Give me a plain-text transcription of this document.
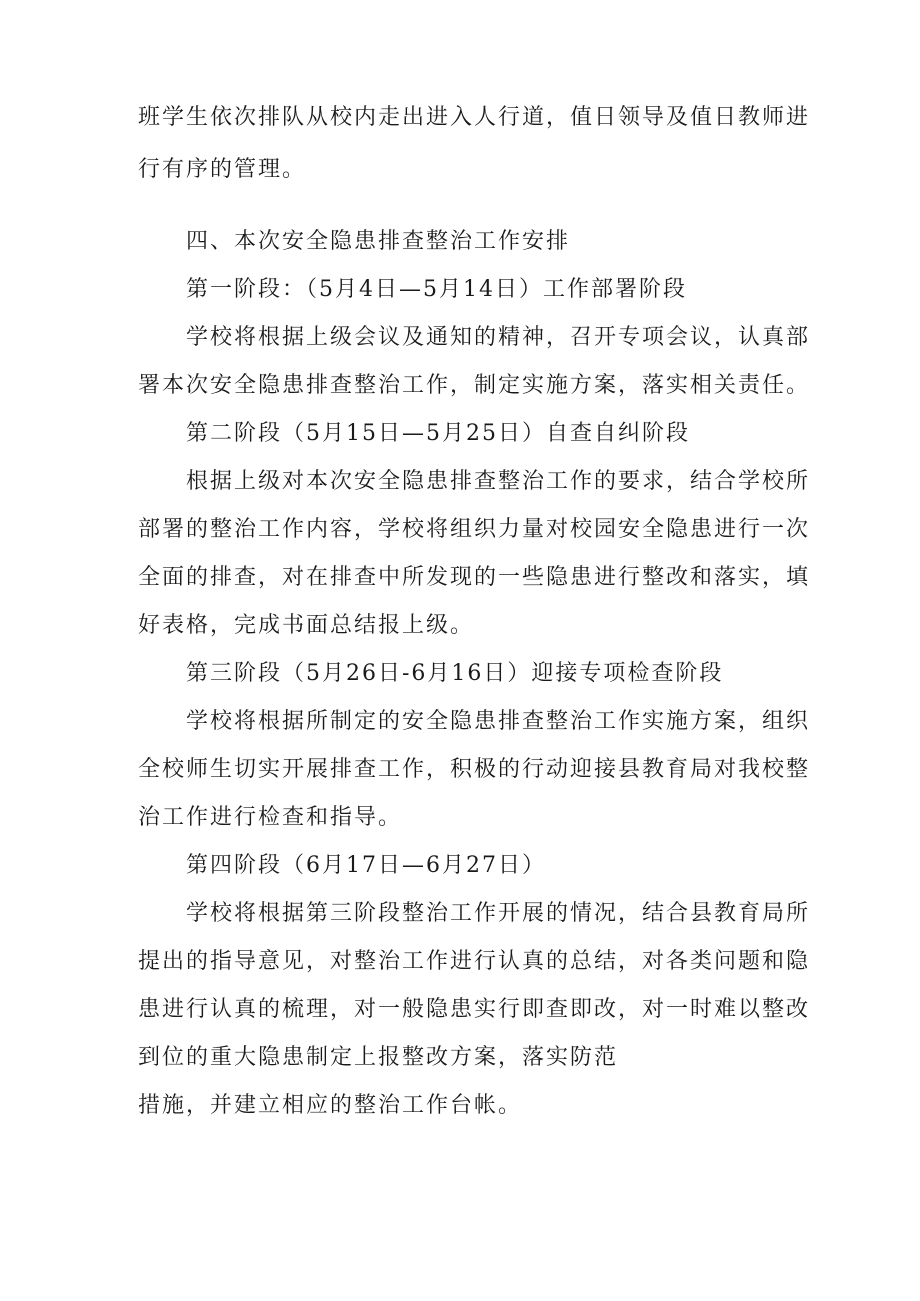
班学生依次排队从校内走出进入人行道，值日领导及值日教师进
行有序的管理。
四、本次安全隐患排查整治工作安排
第一阶段：（5月4日—5月14日）工作部署阶段
学校将根据上级会议及通知的精神，召开专项会议，认真部
署本次安全隐患排查整治工作，制定实施方案，落实相关责任。
第二阶段（5月15日—5月25日）自查自纠阶段
根据上级对本次安全隐患排查整治工作的要求，结合学校所
部署的整治工作内容，学校将组织力量对校园安全隐患进行一次
全面的排查，对在排查中所发现的一些隐患进行整改和落实，填
好表格，完成书面总结报上级。
第三阶段（5月26日-6月16日）迎接专项检查阶段
学校将根据所制定的安全隐患排查整治工作实施方案，组织
全校师生切实开展排查工作，积极的行动迎接县教育局对我校整
治工作进行检查和指导。
第四阶段（6月17日—6月27日）
学校将根据第三阶段整治工作开展的情况，结合县教育局所
提出的指导意见，对整治工作进行认真的总结，对各类问题和隐
患进行认真的梳理，对一般隐患实行即查即改，对一时难以整改
到位的重大隐患制定上报整改方案，落实防范
措施，并建立相应的整治工作台帐。
